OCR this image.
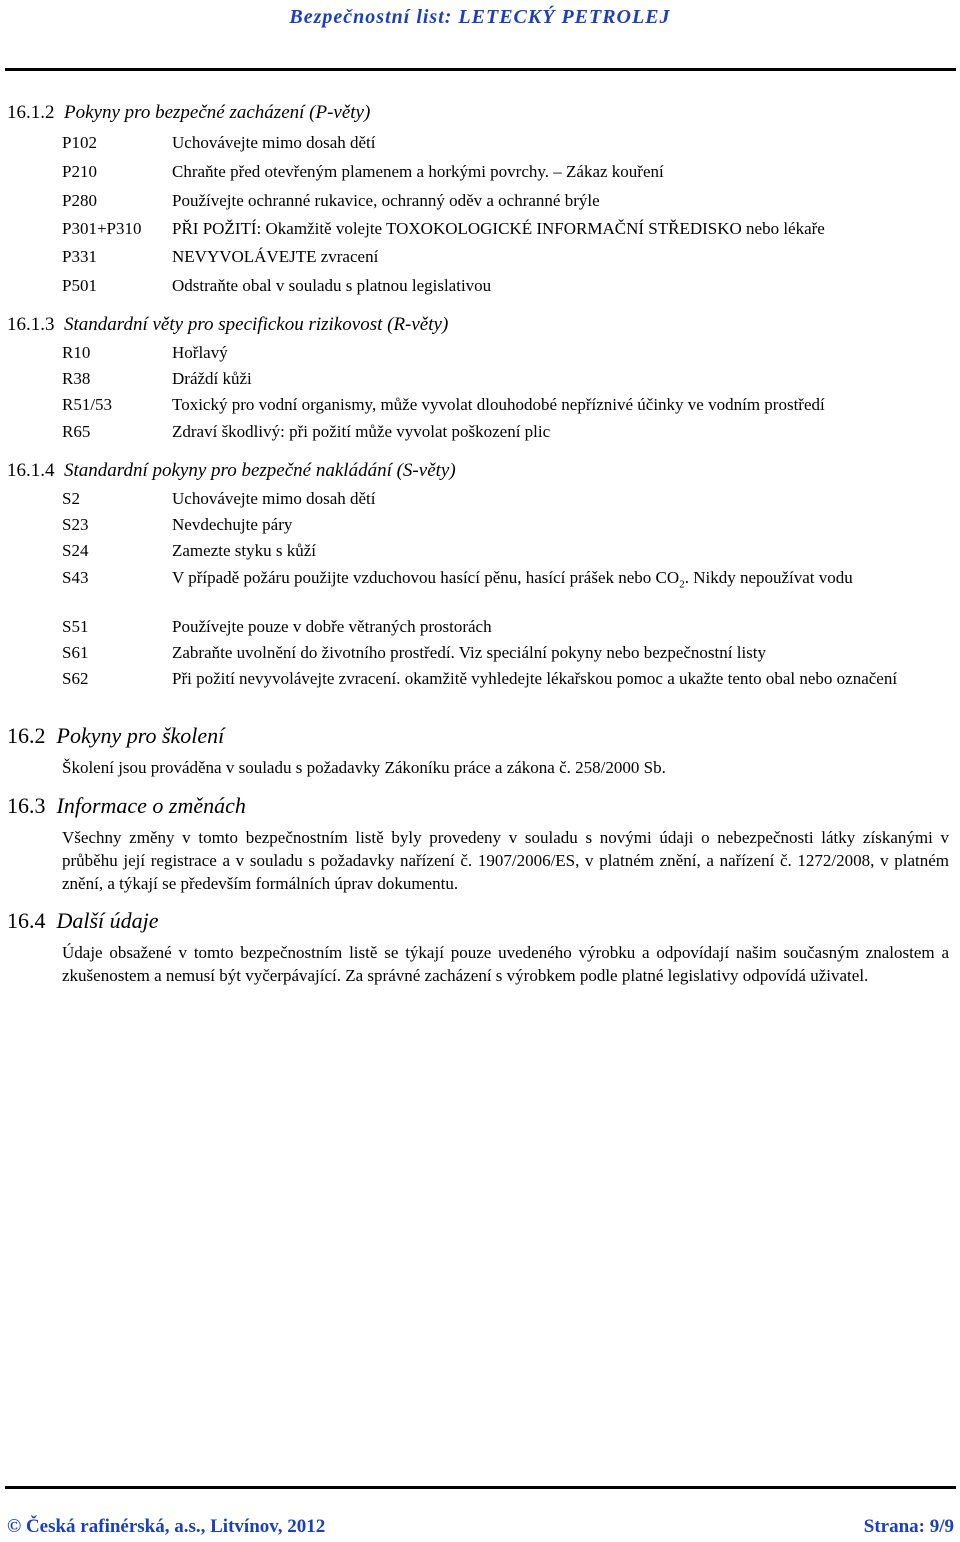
Bezpečnostní list: LETECKÝ PETROLEJ

16.1.2 Pokyny pro bezpečné zacházení (P-věty)

P102	Uchovávejte mimo dosah dětí
P210	Chraňte před otevřeným plamenem a horkými povrchy. – Zákaz kouření
P280	Používejte ochranné rukavice, ochranný oděv a ochranné brýle
P301+P310	PŘI POŽITÍ: Okamžitě volejte TOXOKOLOGICKÉ INFORMAČNÍ STŘEDISKO nebo lékaře
P331	NEVYVOLÁVEJTE zvracení
P501	Odstraňte obal v souladu s platnou legislativou

16.1.3 Standardní věty pro specifickou rizikovost (R-věty)

R10	Hořlavý
R38	Dráždí kůži
R51/53	Toxický pro vodní organismy, může vyvolat dlouhodobé nepříznivé účinky ve vodním prostředí
R65	Zdraví škodlivý: při požití může vyvolat poškození plic

16.1.4 Standardní pokyny pro bezpečné nakládání (S-věty)

S2	Uchovávejte mimo dosah dětí
S23	Nevdechujte páry
S24	Zamezte styku s kůží
S43	V případě požáru použijte vzduchovou hasící pěnu, hasící prášek nebo $CO_2$. Nikdy nepoužívat vodu
S51	Používejte pouze v dobře větraných prostorách
S61	Zabraňte uvolnění do životního prostředí. Viz speciální pokyny nebo bezpečnostní listy
S62	Při požití nevyvolávejte zvracení. okamžitě vyhledejte lékařskou pomoc a ukažte tento obal nebo označení

16.2 Pokyny pro školení

Školení jsou prováděna v souladu s požadavky Zákoníku práce a zákona č. 258/2000 Sb.

16.3 Informace o změnách

Všechny změny v tomto bezpečnostním listě byly provedeny v souladu s novými údaji o nebezpečnosti látky získanými v průběhu její registrace a v souladu s požadavky nařízení č. 1907/2006/ES, v platném znění, a nařízení č. 1272/2008, v platném znění, a týkají se především formálních úprav dokumentu.

16.4 Další údaje

Údaje obsažené v tomto bezpečnostním listě se týkají pouze uvedeného výrobku a odpovídají našim současným znalostem a zkušenostem a nemusí být vyčerpávající. Za správné zacházení s výrobkem podle platné legislativy odpovídá uživatel.

© Česká rafinérská, a.s., Litvínov, 2012	Strana: 9/9
